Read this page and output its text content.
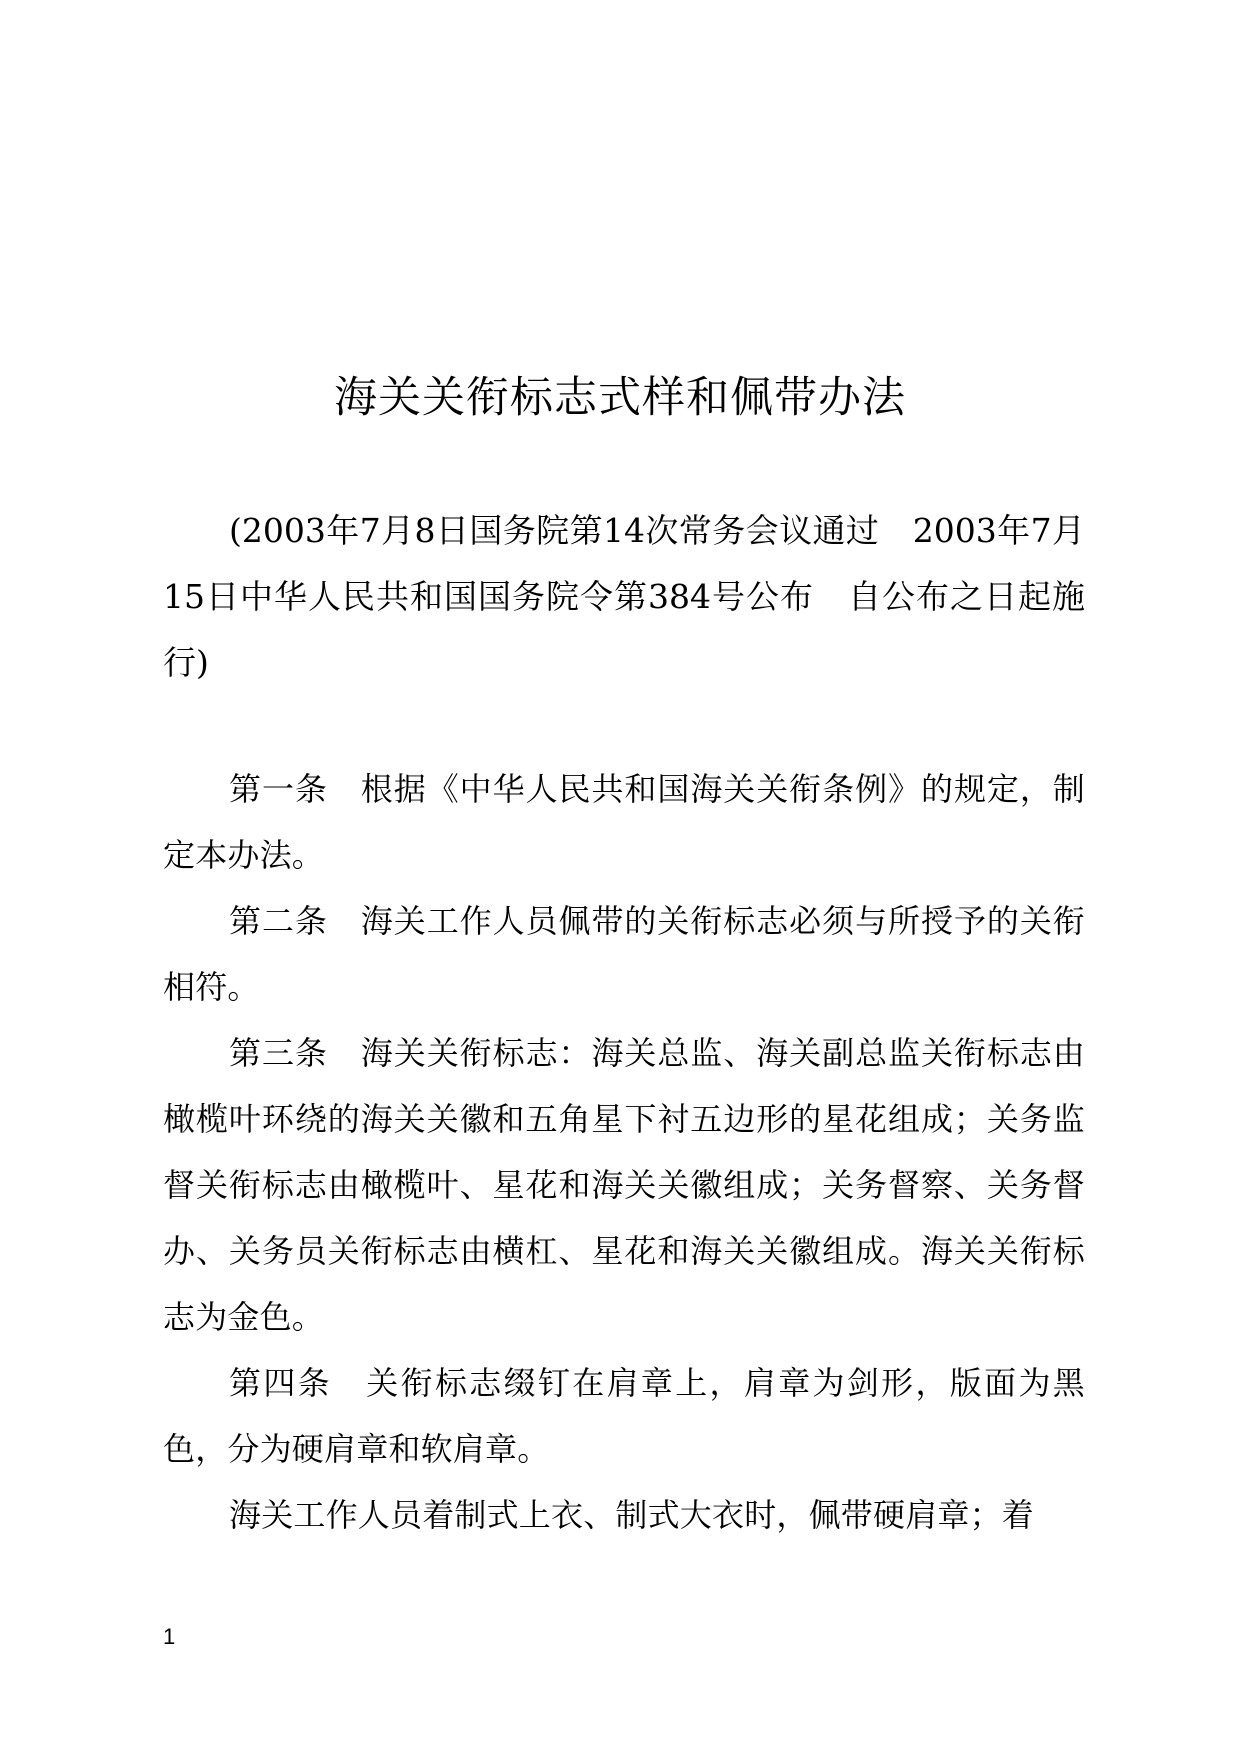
海关关衔标志式样和佩带办法

(2003年7月8日国务院第14次常务会议通过　2003年7月15日中华人民共和国国务院令第384号公布　自公布之日起施行)

第一条　根据《中华人民共和国海关关衔条例》的规定，制定本办法。

第二条　海关工作人员佩带的关衔标志必须与所授予的关衔相符。

第三条　海关关衔标志：海关总监、海关副总监关衔标志由橄榄叶环绕的海关关徽和五角星下衬五边形的星花组成；关务监督关衔标志由橄榄叶、星花和海关关徽组成；关务督察、关务督办、关务员关衔标志由横杠、星花和海关关徽组成。海关关衔标志为金色。

第四条　关衔标志缀钉在肩章上，肩章为剑形，版面为黑色，分为硬肩章和软肩章。

海关工作人员着制式上衣、制式大衣时，佩带硬肩章；着

1
